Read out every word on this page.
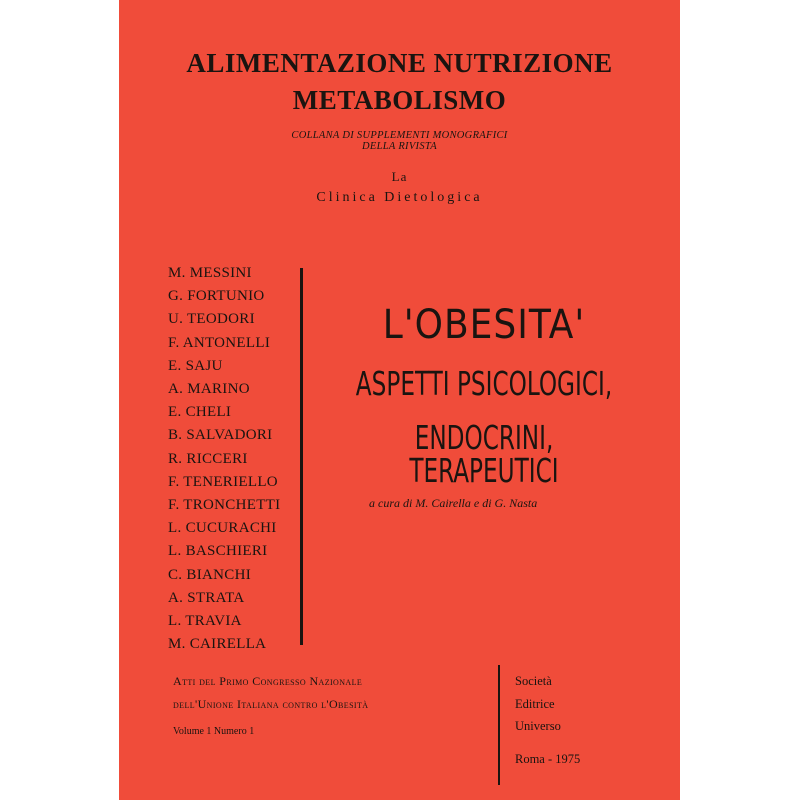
ALIMENTAZIONE NUTRIZIONE
METABOLISMO
COLLANA DI SUPPLEMENTI MONOGRAFICI
DELLA RIVISTA
La
Clinica Dietologica
M. MESSINI
G. FORTUNIO
U. TEODORI
F. ANTONELLI
E. SAJU
A. MARINO
E. CHELI
B. SALVADORI
R. RICCERI
F. TENERIELLO
F. TRONCHETTI
L. CUCURACHI
L. BASCHIERI
C. BIANCHI
A. STRATA
L. TRAVIA
M. CAIRELLA
L'OBESITA'
ASPETTI PSICOLOGICI,
ENDOCRINI, TERAPEUTICI
a cura di M. Cairella e di G. Nasta
Atti del Primo Congresso Nazionale
dell'Unione Italiana contro l'Obesità
Volume 1 Numero 1
Società
Editrice
Universo
Roma - 1975
